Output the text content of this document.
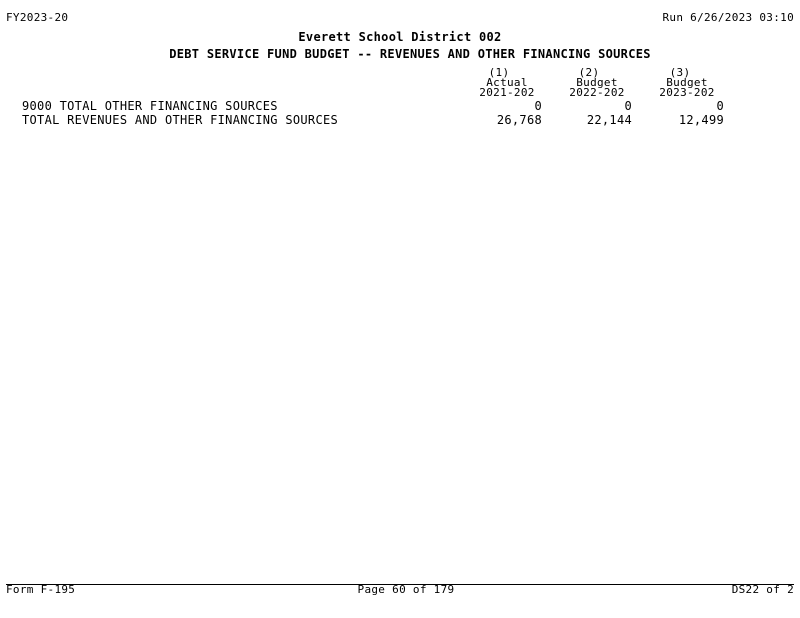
FY2023-20	Run 6/26/2023 03:10
Everett School District 002
DEBT SERVICE FUND BUDGET -- REVENUES AND OTHER FINANCING SOURCES
(1)
Actual
2021-202
(2)
Budget
2022-202
(3)
Budget
2023-202
9000 TOTAL OTHER FINANCING SOURCES	0	0	0
TOTAL REVENUES AND OTHER FINANCING SOURCES	26,768	22,144	12,499
Form F-195	Page 60 of 179	DS22 of 2
